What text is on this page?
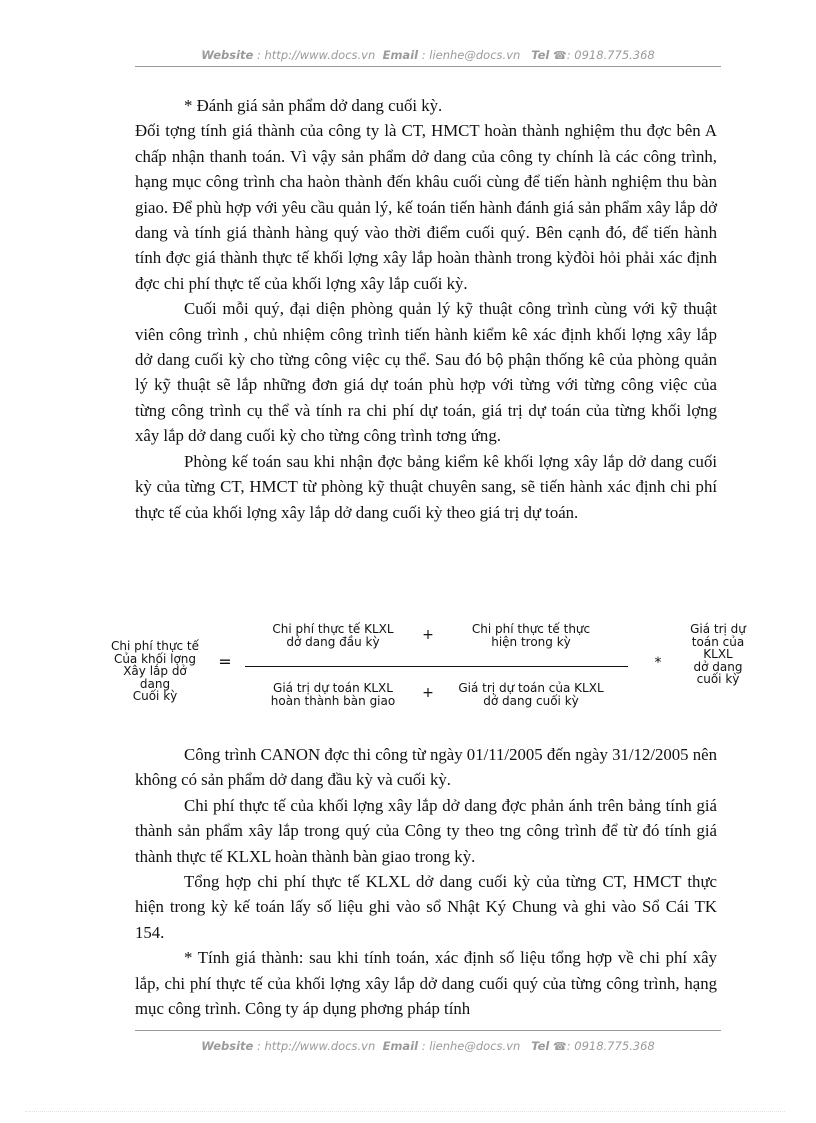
Website : http://www.docs.vn Email : lienhe@docs.vn Tel ☎: 0918.775.368

* Đánh giá sản phẩm dở dang cuối kỳ.

Đối tợng tính giá thành của công ty là CT, HMCT hoàn thành nghiệm thu đợc bên A chấp nhận thanh toán. Vì vậy sản phẩm dở dang của công ty chính là các công trình, hạng mục công trình cha haòn thành đến khâu cuối cùng để tiến hành nghiệm thu bàn giao. Để phù hợp với yêu cầu quản lý, kế toán tiến hành đánh giá sản phẩm xây lắp dở dang và tính giá thành hàng quý vào thời điểm cuối quý. Bên cạnh đó, để tiến hành tính đợc giá thành thực tế khối lợng xây lắp hoàn thành trong kỳđòi hỏi phải xác định đợc chi phí thực tế của khối lợng xây lắp cuối kỳ.

Cuối mỗi quý, đại diện phòng quản lý kỹ thuật công trình cùng với kỹ thuật viên công trình , chủ nhiệm công trình tiến hành kiểm kê xác định khối lợng xây lắp dở dang cuối kỳ cho từng công việc cụ thể. Sau đó bộ phận thống kê của phòng quản lý kỹ thuật sẽ lắp những đơn giá dự toán phù hợp với từng với từng công việc của từng công trình cụ thể và tính ra chi phí dự toán, giá trị dự toán của từng khối lợng xây lắp dở dang cuối kỳ cho từng công trình tơng ứng.

Phòng kế toán sau khi nhận đợc bảng kiểm kê khối lợng xây lắp dở dang cuối kỳ của từng CT, HMCT từ phòng kỹ thuật chuyên sang, sẽ tiến hành xác định chi phí thực tế của khối lợng xây lắp dở dang cuối kỳ theo giá trị dự toán.

Chi phí thực tế
Của khối lợng
Xây lắp dở
dang
Cuối kỳ
=
Chi phí thực tế KLXL
dở dang đầu kỳ	+	Chi phí thực tế thực
hiện trong kỳ
Giá trị dự toán KLXL
hoàn thành bàn giao	+	Giá trị dự toán của KLXL
dở dang cuối kỳ
*
Giá trị dự
toán của
KLXL
dở dang
cuối kỳ

Công trình CANON đợc thi công từ ngày 01/11/2005 đến ngày 31/12/2005 nên không có sản phẩm dở dang đầu kỳ và cuối kỳ.

Chi phí thực tế của khối lợng xây lắp dở dang đợc phản ánh trên bảng tính giá thành sản phẩm xây lắp trong quý của Công ty theo tng công trình để từ đó tính giá thành thực tế KLXL hoàn thành bàn giao trong kỳ.

Tổng hợp chi phí thực tế KLXL dở dang cuối kỳ của từng CT, HMCT thực hiện trong kỳ kế toán lấy số liệu ghi vào sổ Nhật Ký Chung và ghi vào Sổ Cái TK 154.

* Tính giá thành: sau khi tính toán, xác định số liệu tổng hợp về chi phí xây lắp, chi phí thực tế của khối lợng xây lắp dở dang cuối quý của từng công trình, hạng mục công trình. Công ty áp dụng phơng pháp tính

Website : http://www.docs.vn Email : lienhe@docs.vn Tel ☎: 0918.775.368
